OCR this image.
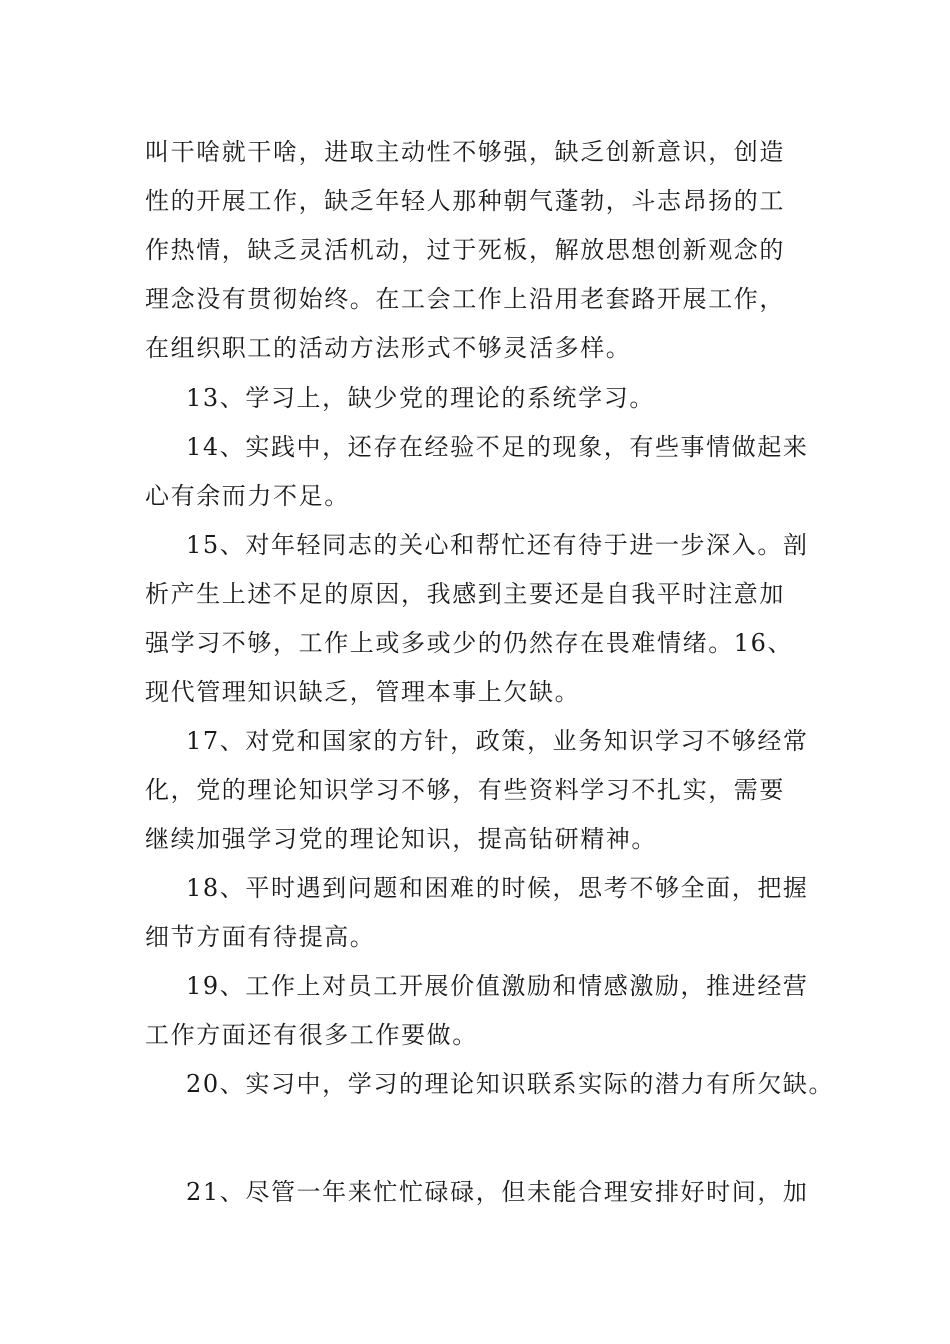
叫干啥就干啥，进取主动性不够强，缺乏创新意识，创造

性的开展工作，缺乏年轻人那种朝气蓬勃，斗志昂扬的工

作热情，缺乏灵活机动，过于死板，解放思想创新观念的

理念没有贯彻始终。在工会工作上沿用老套路开展工作，

在组织职工的活动方法形式不够灵活多样。

13、学习上，缺少党的理论的系统学习。

14、实践中，还存在经验不足的现象，有些事情做起来

心有余而力不足。

15、对年轻同志的关心和帮忙还有待于进一步深入。剖

析产生上述不足的原因，我感到主要还是自我平时注意加

强学习不够，工作上或多或少的仍然存在畏难情绪。16、

现代管理知识缺乏，管理本事上欠缺。

17、对党和国家的方针，政策，业务知识学习不够经常

化，党的理论知识学习不够，有些资料学习不扎实，需要

继续加强学习党的理论知识，提高钻研精神。

18、平时遇到问题和困难的时候，思考不够全面，把握

细节方面有待提高。

19、工作上对员工开展价值激励和情感激励，推进经营

工作方面还有很多工作要做。

20、实习中，学习的理论知识联系实际的潜力有所欠缺。

21、尽管一年来忙忙碌碌，但未能合理安排好时间，加
